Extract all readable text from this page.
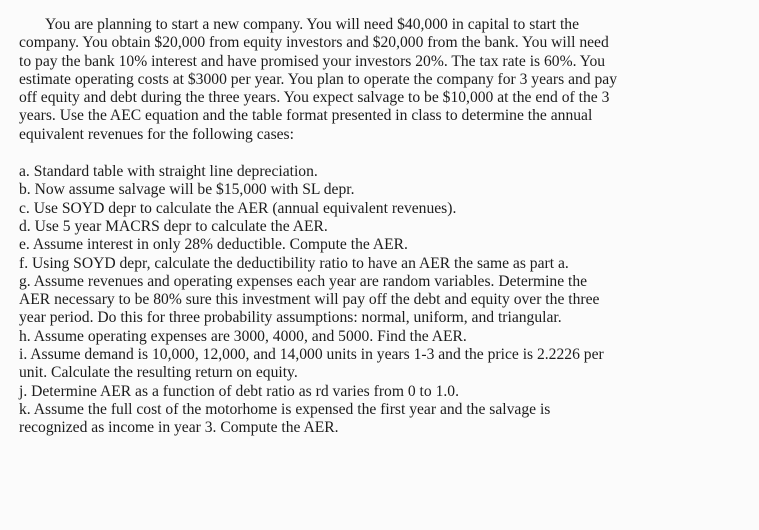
You are planning to start a new company. You will need $40,000 in capital to start the
company. You obtain $20,000 from equity investors and $20,000 from the bank. You will need
to pay the bank 10% interest and have promised your investors 20%. The tax rate is 60%. You
estimate operating costs at $3000 per year. You plan to operate the company for 3 years and pay
off equity and debt during the three years. You expect salvage to be $10,000 at the end of the 3
years. Use the AEC equation and the table format presented in class to determine the annual
equivalent revenues for the following cases:

a. Standard table with straight line depreciation.
b. Now assume salvage will be $15,000 with SL depr.
c. Use SOYD depr to calculate the AER (annual equivalent revenues).
d. Use 5 year MACRS depr to calculate the AER.
e. Assume interest in only 28% deductible. Compute the AER.
f. Using SOYD depr, calculate the deductibility ratio to have an AER the same as part a.
g. Assume revenues and operating expenses each year are random variables. Determine the
AER necessary to be 80% sure this investment will pay off the debt and equity over the three
year period. Do this for three probability assumptions: normal, uniform, and triangular.
h. Assume operating expenses are 3000, 4000, and 5000. Find the AER.
i. Assume demand is 10,000, 12,000, and 14,000 units in years 1-3 and the price is 2.2226 per
unit. Calculate the resulting return on equity.
j. Determine AER as a function of debt ratio as rd varies from 0 to 1.0.
k. Assume the full cost of the motorhome is expensed the first year and the salvage is
recognized as income in year 3. Compute the AER.
